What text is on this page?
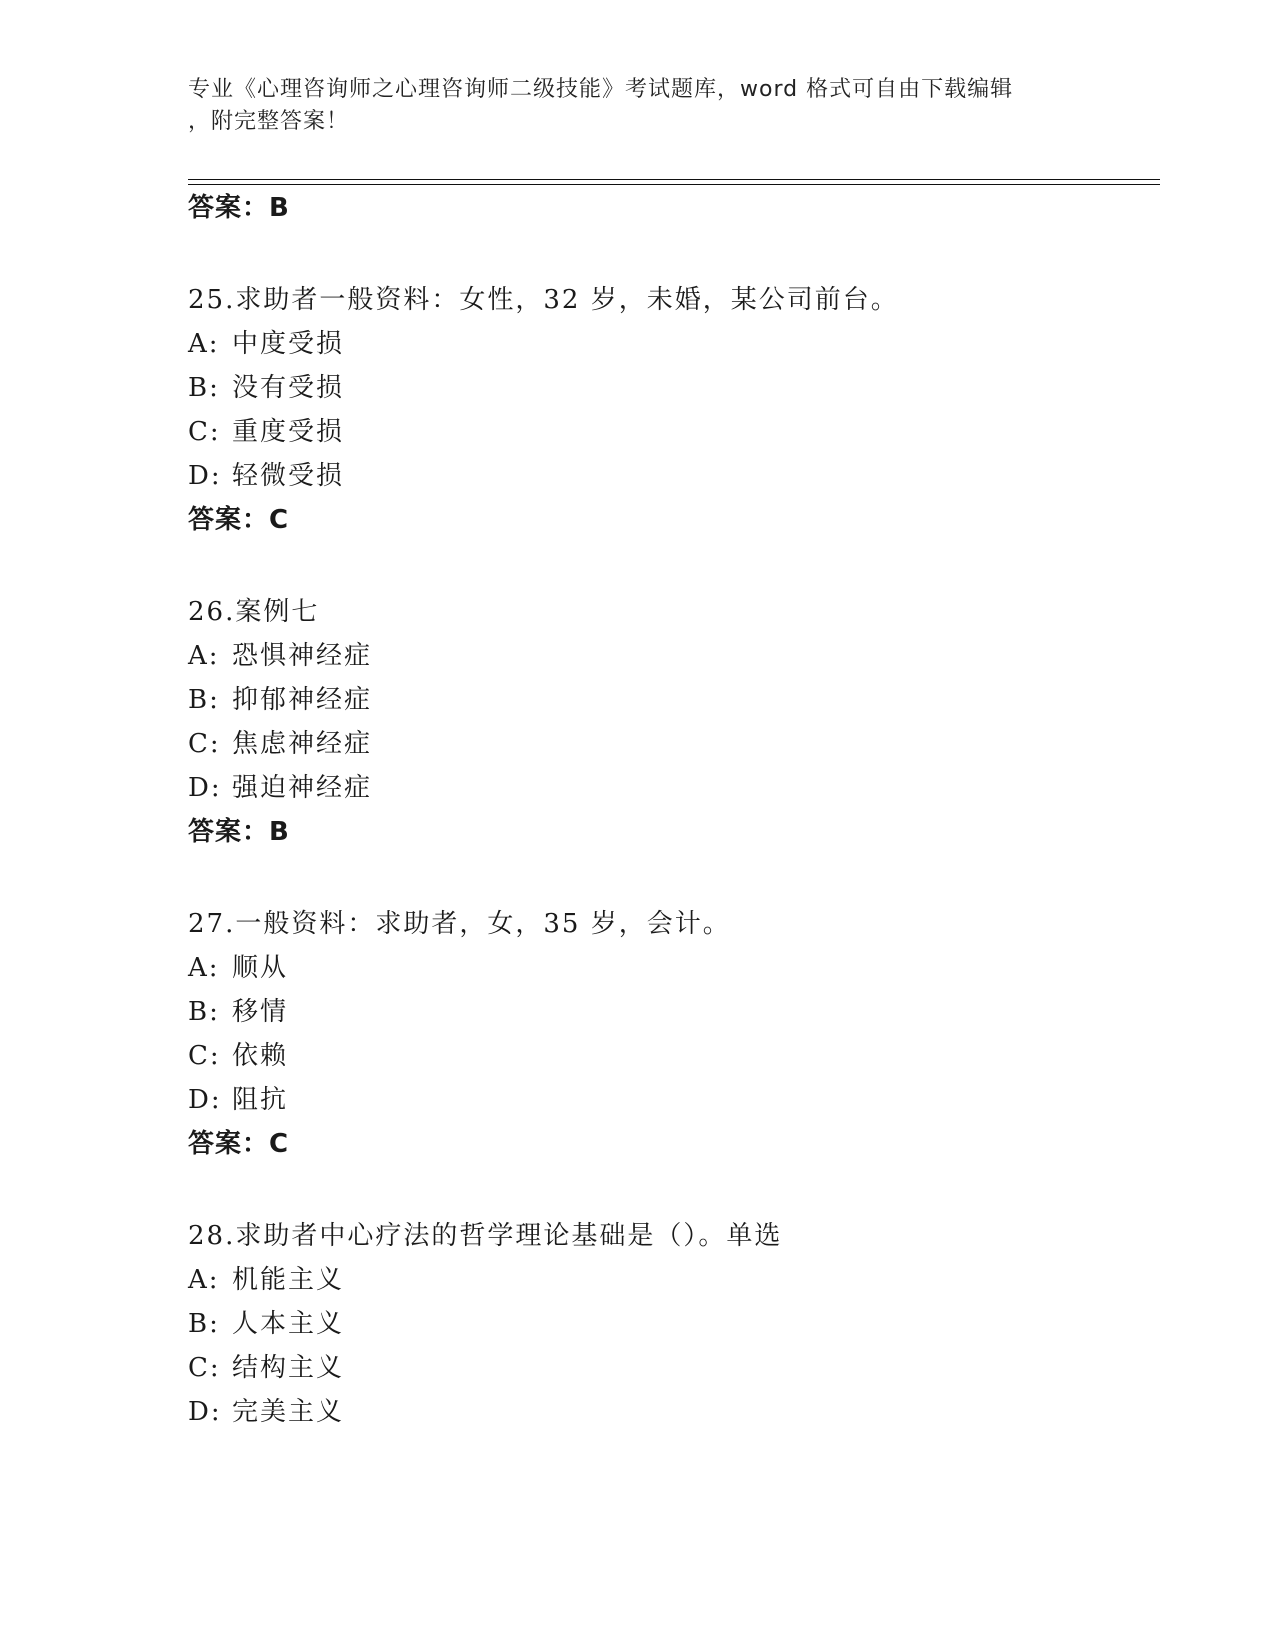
专业《心理咨询师之心理咨询师二级技能》考试题库，word 格式可自由下载编辑
，附完整答案！
答案：B
25.求助者一般资料：女性，32 岁，未婚，某公司前台。
A: 中度受损
B: 没有受损
C: 重度受损
D: 轻微受损
答案：C
26.案例七
A: 恐惧神经症
B: 抑郁神经症
C: 焦虑神经症
D: 强迫神经症
答案：B
27.一般资料：求助者，女，35 岁，会计。
A: 顺从
B: 移情
C: 依赖
D: 阻抗
答案：C
28.求助者中心疗法的哲学理论基础是（）。单选
A: 机能主义
B: 人本主义
C: 结构主义
D: 完美主义
